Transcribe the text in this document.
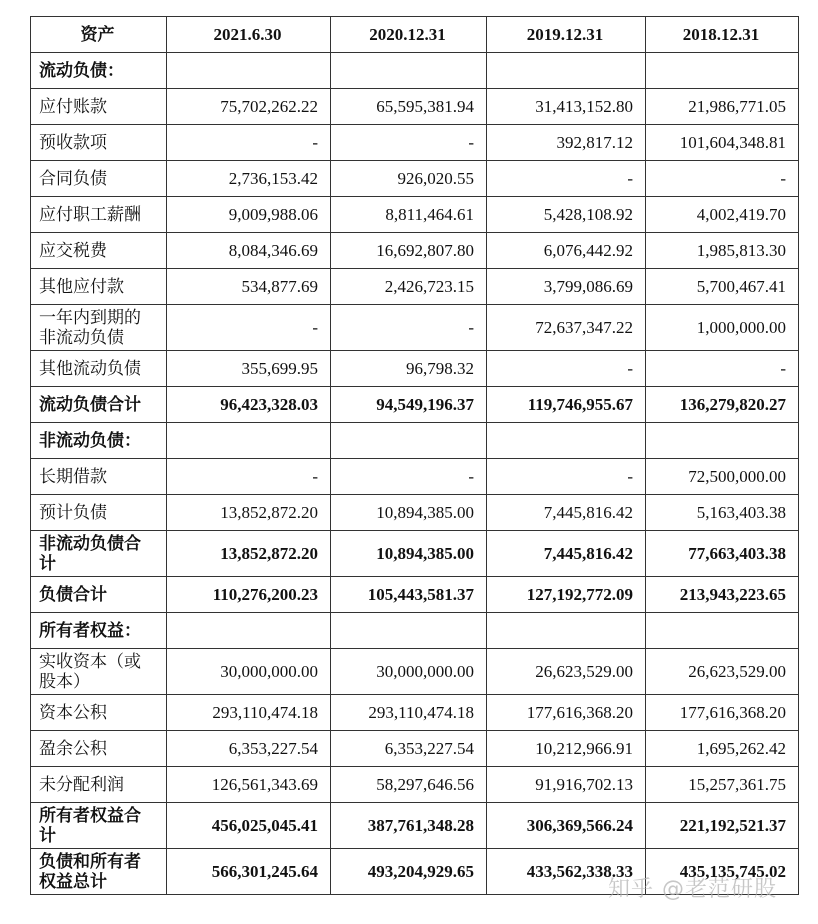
资产	2021.6.30	2020.12.31	2019.12.31	2018.12.31
流动负债：				
应付账款	75,702,262.22	65,595,381.94	31,413,152.80	21,986,771.05
预收款项	-	-	392,817.12	101,604,348.81
合同负债	2,736,153.42	926,020.55	-	-
应付职工薪酬	9,009,988.06	8,811,464.61	5,428,108.92	4,002,419.70
应交税费	8,084,346.69	16,692,807.80	6,076,442.92	1,985,813.30
其他应付款	534,877.69	2,426,723.15	3,799,086.69	5,700,467.41
一年内到期的非流动负债	-	-	72,637,347.22	1,000,000.00
其他流动负债	355,699.95	96,798.32	-	-
流动负债合计	96,423,328.03	94,549,196.37	119,746,955.67	136,279,820.27
非流动负债：				
长期借款	-	-	-	72,500,000.00
预计负债	13,852,872.20	10,894,385.00	7,445,816.42	5,163,403.38
非流动负债合计	13,852,872.20	10,894,385.00	7,445,816.42	77,663,403.38
负债合计	110,276,200.23	105,443,581.37	127,192,772.09	213,943,223.65
所有者权益：				
实收资本（或股本）	30,000,000.00	30,000,000.00	26,623,529.00	26,623,529.00
资本公积	293,110,474.18	293,110,474.18	177,616,368.20	177,616,368.20
盈余公积	6,353,227.54	6,353,227.54	10,212,966.91	1,695,262.42
未分配利润	126,561,343.69	58,297,646.56	91,916,702.13	15,257,361.75
所有者权益合计	456,025,045.41	387,761,348.28	306,369,566.24	221,192,521.37
负债和所有者权益总计	566,301,245.64	493,204,929.65	433,562,338.33	435,135,745.02
知乎 @老范研股
